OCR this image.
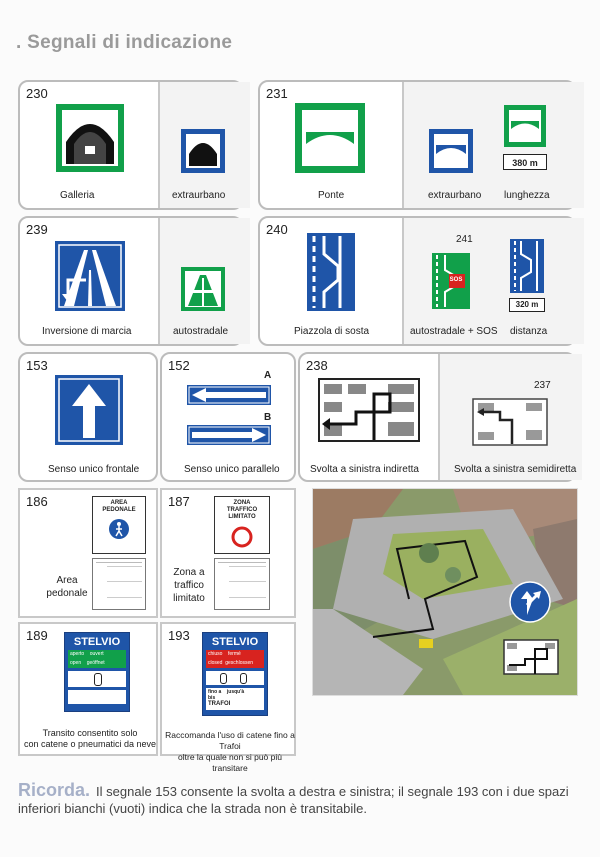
. Segnali di indicazione
230
Galleria	extraurbano
231
380 m
Ponte	extraurbano lunghezza
239
Inversione di marcia	autostradale
240
241
SOS
320 m
Piazzola di sosta	autostradale + SOS distanza
153
Senso unico frontale
152
A
B
Senso unico parallelo
238
237
Svolta a sinistra indiretta	Svolta a sinistra semidiretta
186	AREA PEDONALE
Area pedonale
187	ZONA TRAFFICO LIMITATO
Zona a traffico limitato
189	STELVIO
aperto ouvert
open geöffnet
Transito consentito solo
con catene o pneumatici da neve
193	STELVIO
chiuso fermé
closed geschlossen
fino a jusqu'à
bis
TRAFOI
Raccomanda l'uso di catene fino a Trafoi
oltre la quale non si può più transitare
Ricorda. Il segnale 153 consente la svolta a destra e sinistra; il segnale 193 con i due spazi inferiori bianchi (vuoti) indica che la strada non è transitabile.
